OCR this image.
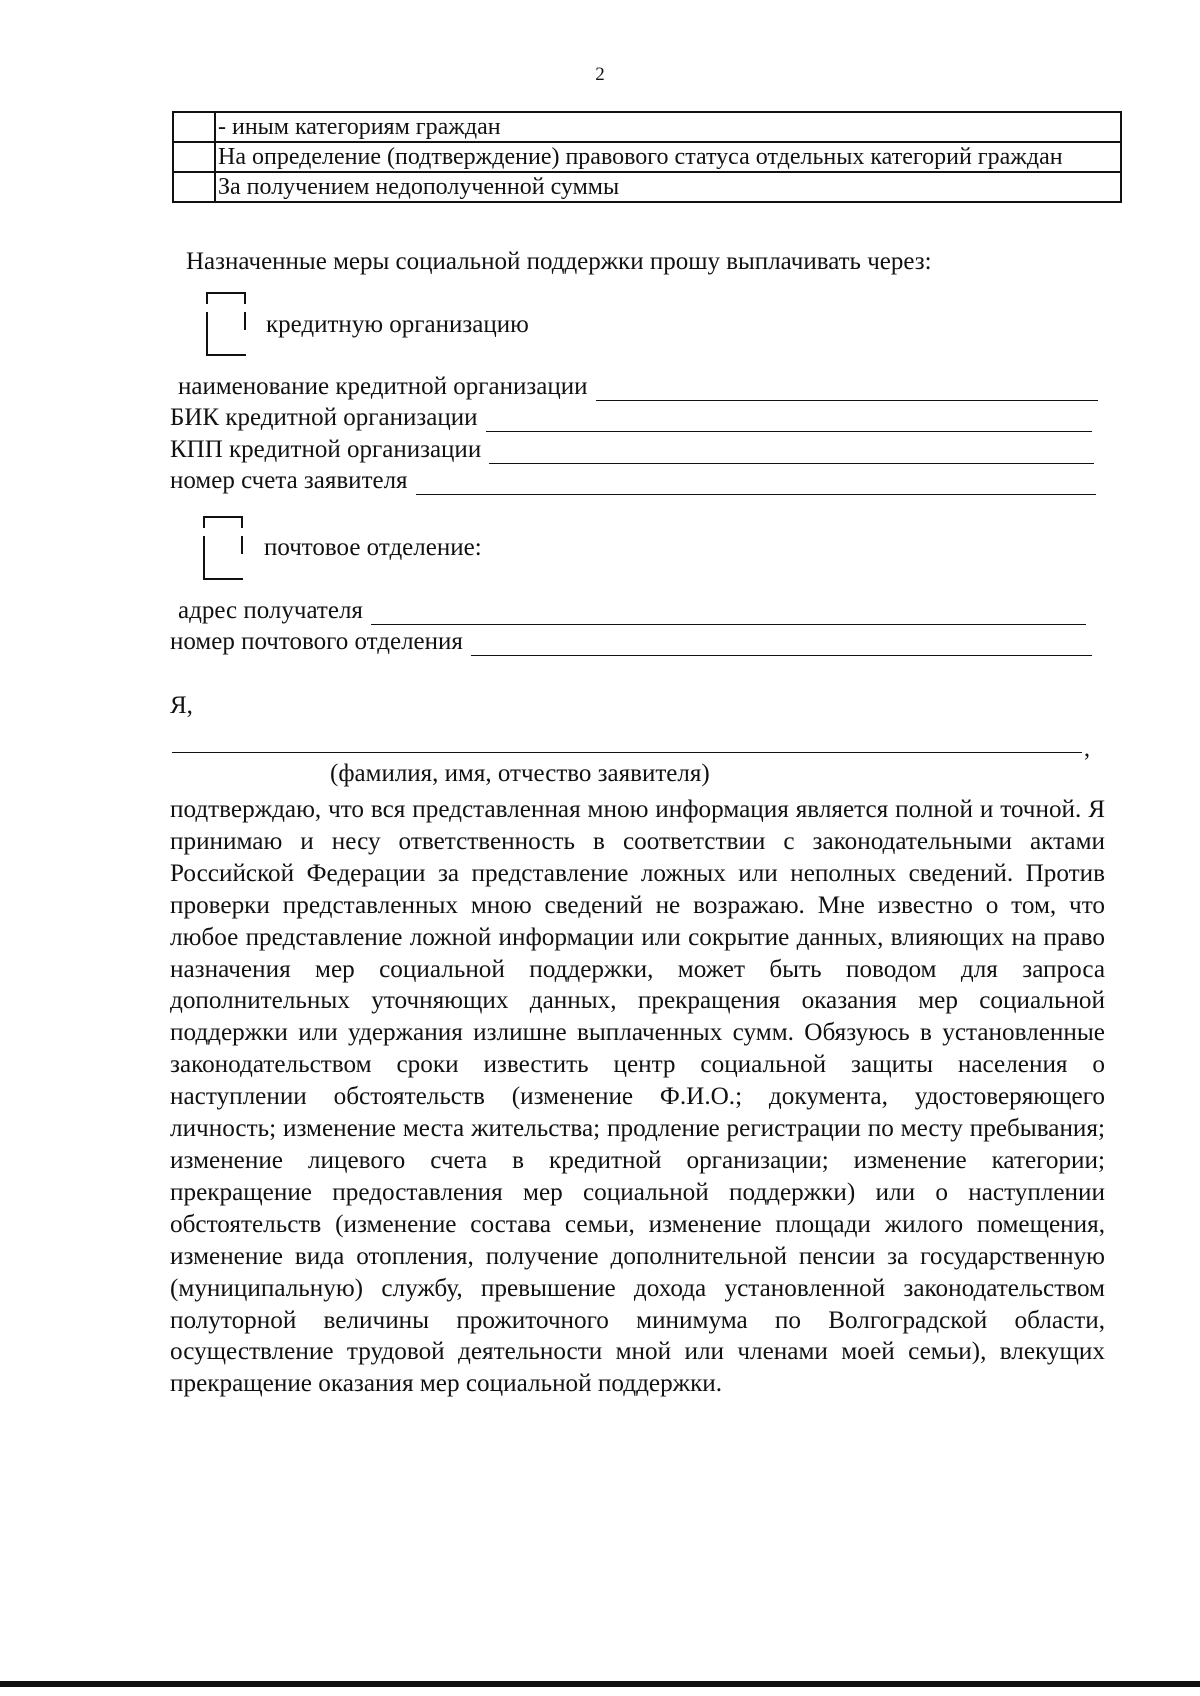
2
	- иным категориям граждан
	На определение (подтверждение) правового статуса отдельных категорий граждан
	За получением недополученной суммы
Назначенные меры социальной поддержки прошу выплачивать через:
кредитную организацию
наименование кредитной организации
БИК кредитной организации
КПП кредитной организации
номер счета заявителя
почтовое отделение:
адрес получателя
номер почтового отделения
Я,
,
(фамилия, имя, отчество заявителя)
подтверждаю, что вся представленная мною информация является полной и точной. Я принимаю и несу ответственность в соответствии с законодательными актами Российской Федерации за представление ложных или неполных сведений. Против проверки представленных мною сведений не возражаю. Мне известно о том, что любое представление ложной информации или сокрытие данных, влияющих на право назначения мер социальной поддержки, может быть поводом для запроса дополнительных уточняющих данных, прекращения оказания мер социальной поддержки или удержания излишне выплаченных сумм. Обязуюсь в установленные законодательством сроки известить центр социальной защиты населения о наступлении обстоятельств (изменение Ф.И.О.; документа, удостоверяющего личность; изменение места жительства; продление регистрации по месту пребывания; изменение лицевого счета в кредитной организации; изменение категории; прекращение предоставления мер социальной поддержки) или о наступлении обстоятельств (изменение состава семьи, изменение площади жилого помещения, изменение вида отопления, получение дополнительной пенсии за государственную (муниципальную) службу, превышение дохода установленной законодательством полуторной величины прожиточного минимума по Волгоградской области, осуществление трудовой деятельности мной или членами моей семьи), влекущих прекращение оказания мер социальной поддержки.
